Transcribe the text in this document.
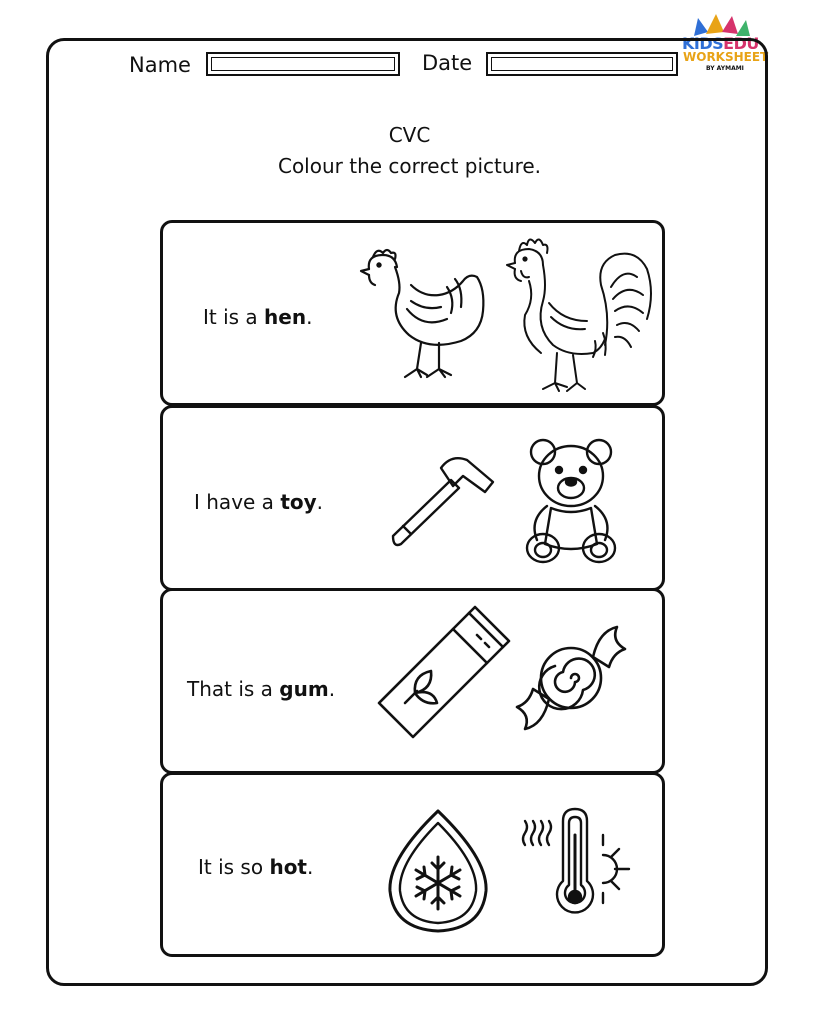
KIDSEDU
WORKSHEET
BY AYMAMI
Name	Date
CVC
Colour the correct picture.
It is a hen.
I have a toy.
That is a gum.
It is so hot.
